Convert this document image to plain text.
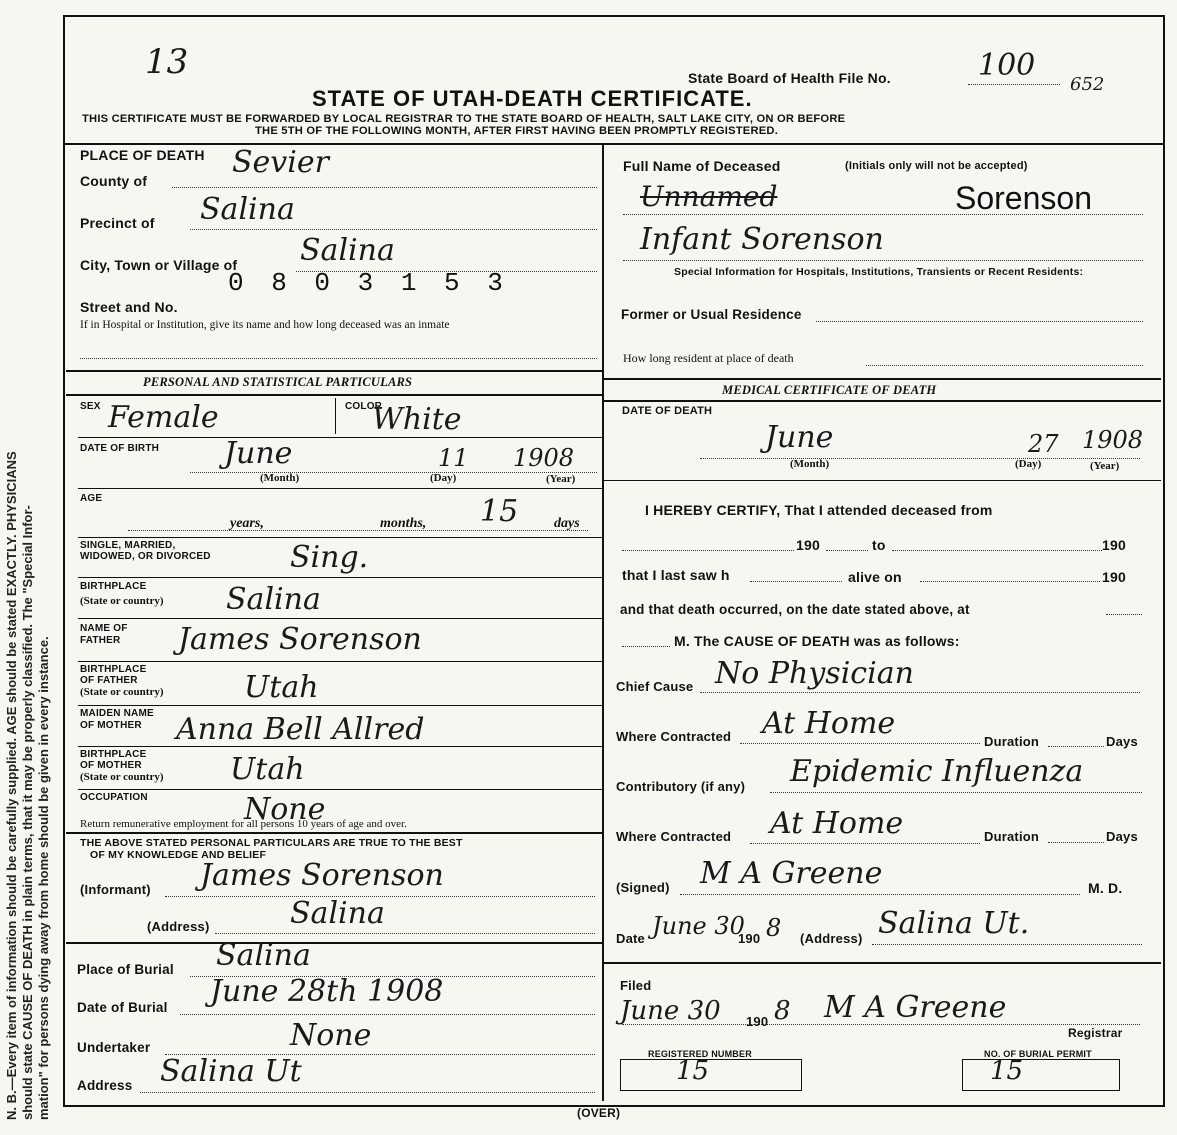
N. B.—Every item of information should be carefully supplied. AGE should be stated EXACTLY. PHYSICIANS should state CAUSE OF DEATH in plain terms, that it may be properly classified. The "Special Infor- mation" for persons dying away from home should be given in every instance.
13	State Board of Health File No.	100
652
STATE OF UTAH-DEATH CERTIFICATE.
THIS CERTIFICATE MUST BE FORWARDED BY LOCAL REGISTRAR TO THE STATE BOARD OF HEALTH, SALT LAKE CITY, ON OR BEFORE
THE 5TH OF THE FOLLOWING MONTH, AFTER FIRST HAVING BEEN PROMPTLY REGISTERED.
PLACE OF DEATH
County of
Sevier
Precinct of Salina
City, Town or Village of Salina
Street and No.
0 8 0 3 1 5 3
If in Hospital or Institution, give its name and how long deceased was an inmate
Full Name of Deceased	(Initials only will not be accepted)
Unnamed	Sorenson
Infant Sorenson
Special Information for Hospitals, Institutions, Transients or Recent Residents:
Former or Usual Residence
How long resident at place of death
PERSONAL AND STATISTICAL PARTICULARS
MEDICAL CERTIFICATE OF DEATH
SEX Female	COLOR
White
DATE OF BIRTH June	11 1908
(Month)	(Day)	(Year)
AGE
years,	months, 15	days
SINGLE, MARRIED,
WIDOWED, OR DIVORCED	Sing.
BIRTHPLACE
(State or country) Salina
NAME OF
FATHER James Sorenson
BIRTHPLACE
OF FATHER
(State or country)	Utah
MAIDEN NAME
OF MOTHER Anna Bell Allred
BIRTHPLACE
OF MOTHER
(State or country) Utah
OCCUPATION	None
Return remunerative employment for all persons 10 years of age and over.
THE ABOVE STATED PERSONAL PARTICULARS ARE TRUE TO THE BEST
OF MY KNOWLEDGE AND BELIEF
(Informant) James Sorenson
(Address)	Salina
Place of Burial Salina
Date of Burial June 28th 1908
Undertaker	None
Address Salina Ut
DATE OF DEATH
June	27 1908
(Month)	(Day)	(Year)
I HEREBY CERTIFY, That I attended deceased from
190	to	190
that I last saw h	alive on	190
and that death occurred, on the date stated above, at
M. The CAUSE OF DEATH was as follows:
Chief Cause No Physician
Where Contracted At Home
Duration	Days
Contributory (if any) Epidemic Influenza
Where Contracted At Home	Duration	Days
(Signed) M A Greene	M. D.
Date June 30
190 8 (Address) Salina Ut.
Filed
June 30 190 8 M A Greene
Registrar
REGISTERED NUMBER
15
NO. OF BURIAL PERMIT
15
(OVER)
